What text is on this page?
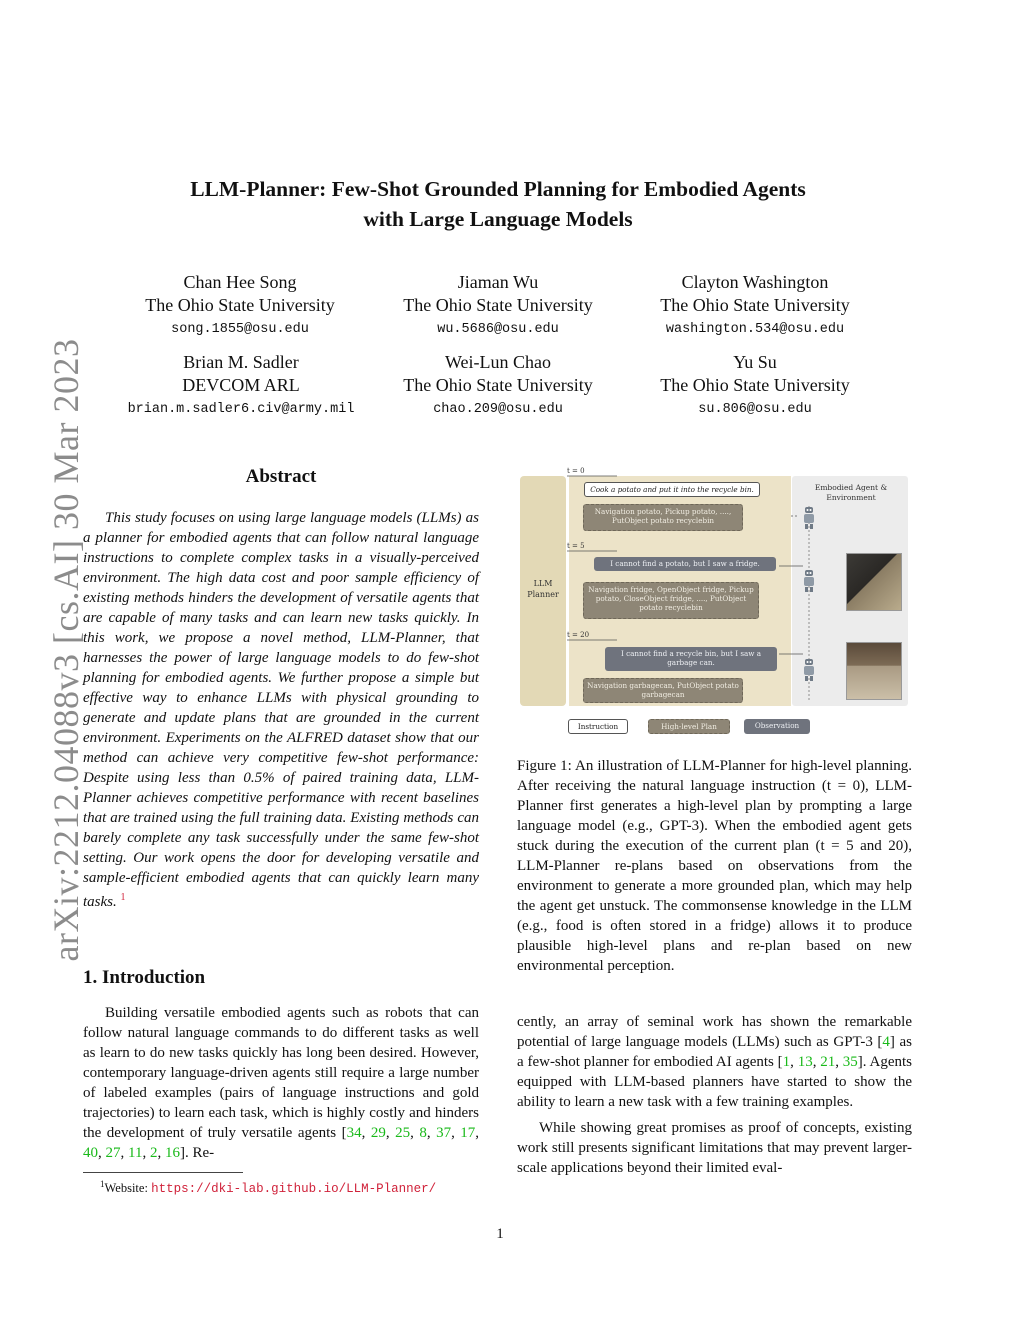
arXiv:2212.04088v3 [cs.AI] 30 Mar 2023
LLM-Planner: Few-Shot Grounded Planning for Embodied Agents
with Large Language Models
Chan Hee Song
The Ohio State University
song.1855@osu.edu
Jiaman Wu
The Ohio State University
wu.5686@osu.edu
Clayton Washington
The Ohio State University
washington.534@osu.edu
Brian M. Sadler
DEVCOM ARL
brian.m.sadler6.civ@army.mil
Wei-Lun Chao
The Ohio State University
chao.209@osu.edu
Yu Su
The Ohio State University
su.806@osu.edu
Abstract
This study focuses on using large language models (LLMs) as a planner for embodied agents that can follow natural language instructions to complete complex tasks in a visually-perceived environment. The high data cost and poor sample efficiency of existing methods hinders the development of versatile agents that are capable of many tasks and can learn new tasks quickly. In this work, we propose a novel method, LLM-Planner, that harnesses the power of large language models to do few-shot planning for embodied agents. We further propose a simple but effective way to enhance LLMs with physical grounding to generate and update plans that are grounded in the current environment. Experiments on the ALFRED dataset show that our method can achieve very competitive few-shot performance: Despite using less than 0.5% of paired training data, LLM-Planner achieves competitive performance with recent baselines that are trained using the full training data. Existing methods can barely complete any task successfully under the same few-shot setting. Our work opens the door for developing versatile and sample-efficient embodied agents that can quickly learn many tasks. $^1$
1. Introduction

Building versatile embodied agents such as robots that can follow natural language commands to do different tasks as well as learn to do new tasks quickly has long been desired. However, contemporary language-driven agents still require a large number of labeled examples (pairs of language instructions and gold trajectories) to learn each task, which is highly costly and hinders the development of truly versatile agents [34, 29, 25, 8, 37, 17, 40, 27, 11, 2, 16]. Re-

$^1$Website: https://dki-lab.github.io/LLM-Planner/
LLM Planner
Embodied Agent & Environment
t = 0
t = 5
t = 20
Cook a potato and put it into the recycle bin.
Navigation potato, Pickup potato, ...., PutObject potato recyclebin
I cannot find a potato, but I saw a fridge.
Navigation fridge, OpenObject fridge, Pickup potato, CloseObject fridge, ...., PutObject potato recyclebin
I cannot find a recycle bin, but I saw a garbage can.
Navigation garbagecan, PutObject potato garbagecan
Instruction	High-level Plan	Observation
Figure 1: An illustration of LLM-Planner for high-level planning. After receiving the natural language instruction (t = 0), LLM-Planner first generates a high-level plan by prompting a large language model (e.g., GPT-3). When the embodied agent gets stuck during the execution of the current plan (t = 5 and 20), LLM-Planner re-plans based on observations from the environment to generate a more grounded plan, which may help the agent get unstuck. The commonsense knowledge in the LLM (e.g., food is often stored in a fridge) allows it to produce plausible high-level plans and re-plan based on new environmental perception.

cently, an array of seminal work has shown the remarkable potential of large language models (LLMs) such as GPT-3 [4] as a few-shot planner for embodied AI agents [1, 13, 21, 35]. Agents equipped with LLM-based planners have started to show the ability to learn a new task with a few training examples.

While showing great promises as proof of concepts, existing work still presents significant limitations that may prevent larger-scale applications beyond their limited eval-

1
